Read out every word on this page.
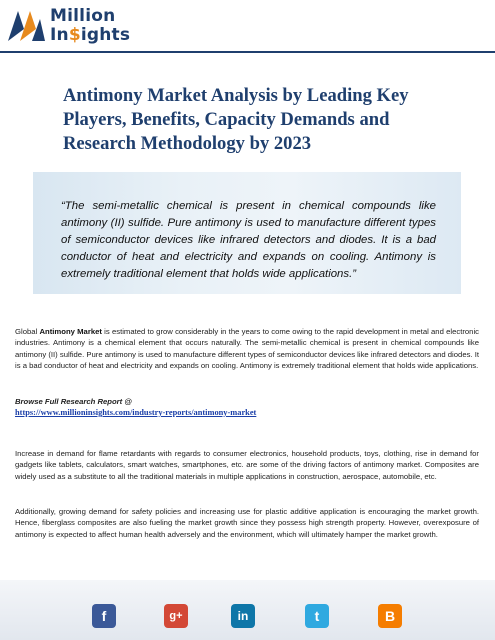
Million
In$ights
Antimony Market Analysis by Leading Key Players, Benefits, Capacity Demands and Research Methodology by 2023

“The semi-metallic chemical is present in chemical compounds like antimony (II) sulfide. Pure antimony is used to manufacture different types of semiconductor devices like infrared detectors and diodes. It is a bad conductor of heat and electricity and expands on cooling. Antimony is extremely traditional element that holds wide applications.”

Global Antimony Market is estimated to grow considerably in the years to come owing to the rapid development in metal and electronic industries. Antimony is a chemical element that occurs naturally. The semi-metallic chemical is present in chemical compounds like antimony (II) sulfide. Pure antimony is used to manufacture different types of semiconductor devices like infrared detectors and diodes. It is a bad conductor of heat and electricity and expands on cooling. Antimony is extremely traditional element that holds wide applications.
Browse Full Research Report @
https://www.millioninsights.com/industry-reports/antimony-market

Increase in demand for flame retardants with regards to consumer electronics, household products, toys, clothing, rise in demand for gadgets like tablets, calculators, smart watches, smartphones, etc. are some of the driving factors of antimony market. Composites are widely used as a substitute to all the traditional materials in multiple applications in construction, aerospace, automobile, etc.

Additionally, growing demand for safety policies and increasing use for plastic additive application is encouraging the market growth. Hence, fiberglass composites are also fueling the market growth since they possess high strength property. However, overexposure of antimony is expected to affect human health adversely and the environment, which will ultimately hamper the market growth.

f	g+	in	t	B
